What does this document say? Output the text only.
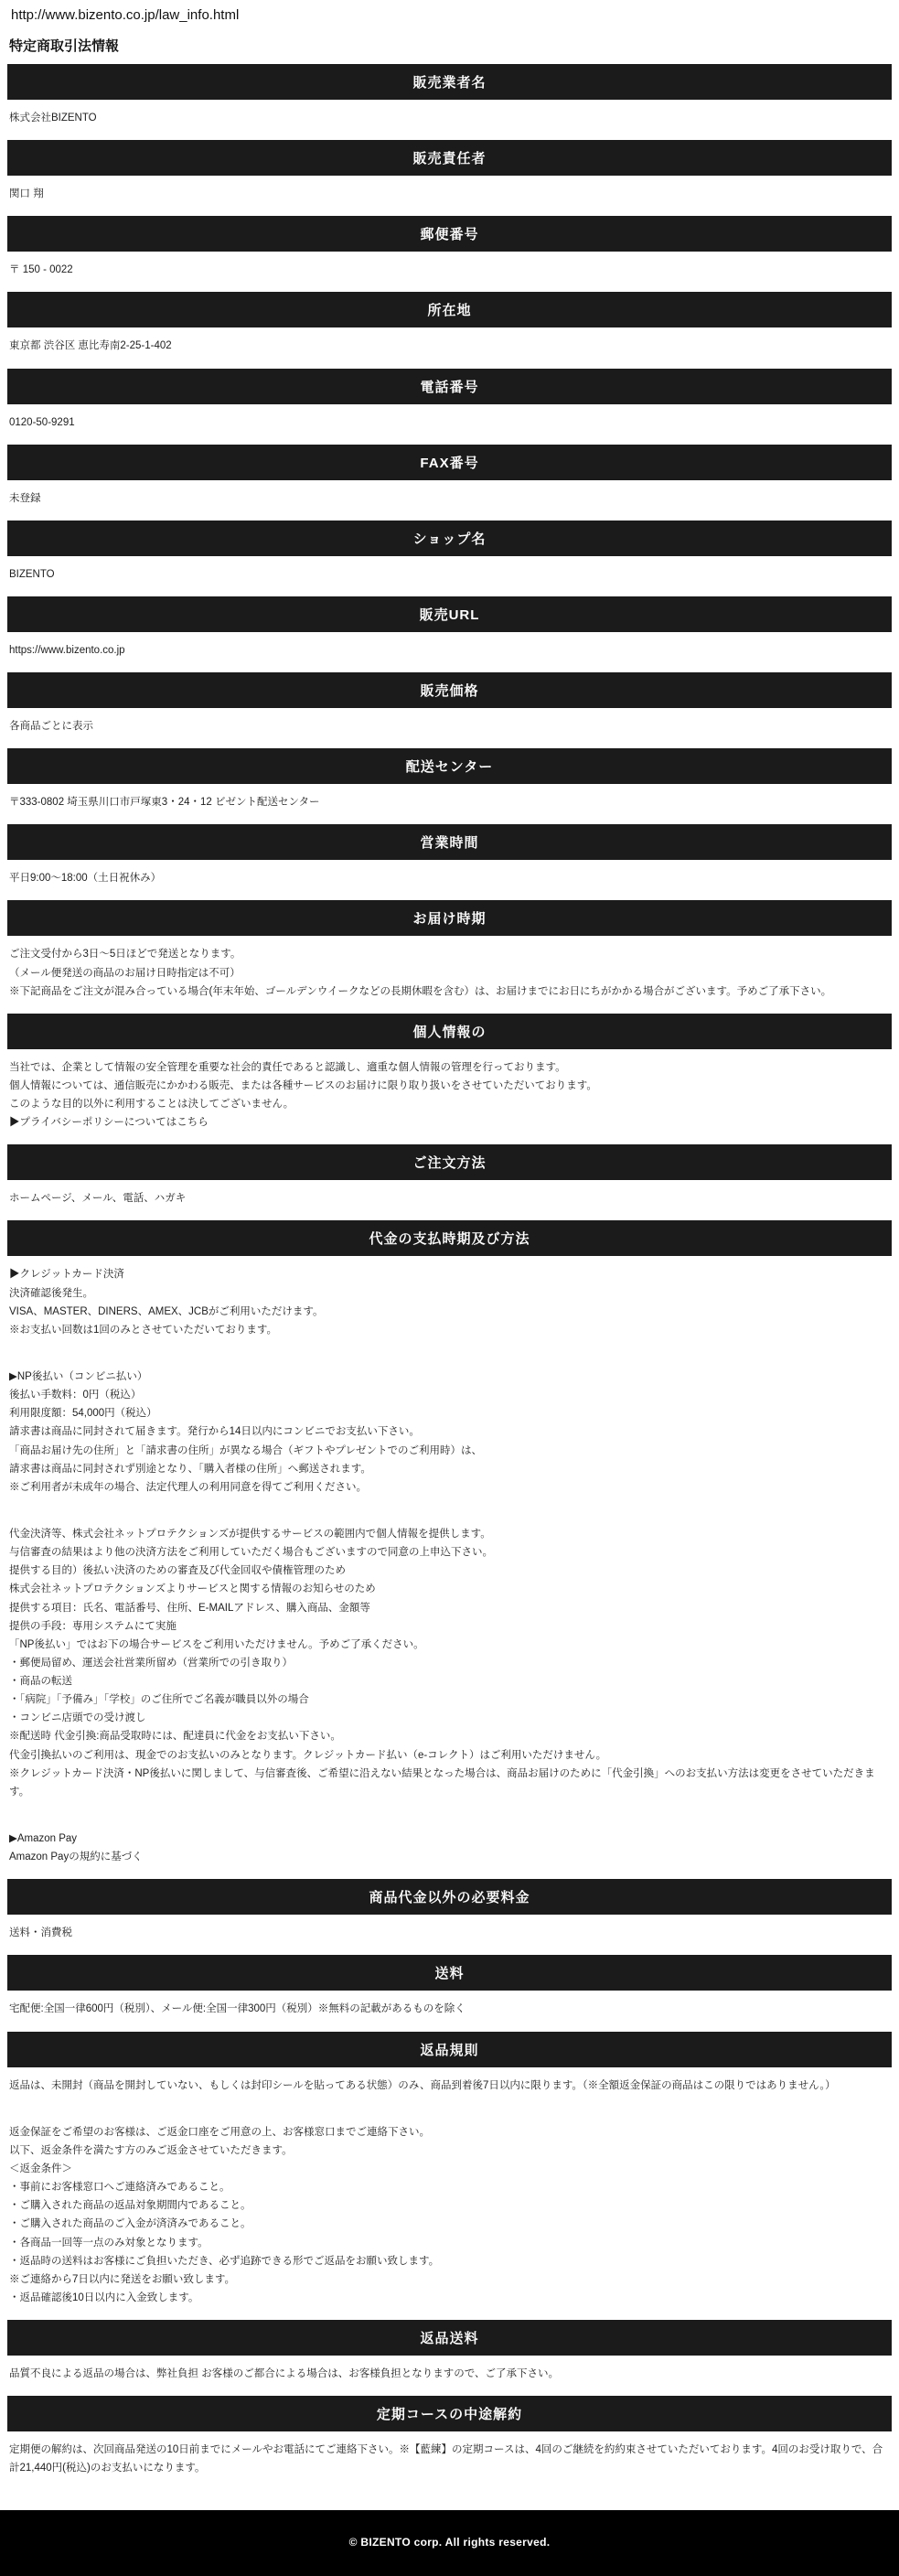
http://www.bizento.co.jp/law_info.html
特定商取引法情報
販売業者名

株式会社BIZENTO

販売責任者

関口 翔

郵便番号

〒 150 - 0022

所在地

東京都 渋谷区 恵比寿南2-25-1-402

電話番号

0120-50-9291

FAX番号

未登録

ショップ名

BIZENTO

販売URL

https://www.bizento.co.jp

販売価格

各商品ごとに表示

配送センター

〒333-0802 埼玉県川口市戸塚東3・24・12 ビゼント配送センター

営業時間

平日9:00〜18:00（土日祝休み）

お届け時期

ご注文受付から3日〜5日ほどで発送となります。

（メール便発送の商品のお届け日時指定は不可）

※下記商品をご注文が混み合っている場合(年末年始、ゴールデンウイークなどの長期休暇を含む）は、お届けまでにお日にちがかかる場合がございます。予めご了承下さい。

個人情報の

当社では、企業として情報の安全管理を重要な社会的責任であると認識し、適重な個人情報の管理を行っております。

個人情報については、通信販売にかかわる販売、または各種サービスのお届けに限り取り扱いをさせていただいております。

このような目的以外に利用することは決してございません。

▶プライバシーポリシーについてはこちら

ご注文方法

ホームページ、メール、電話、ハガキ

代金の支払時期及び方法

▶クレジットカード決済

決済確認後発生。

VISA、MASTER、DINERS、AMEX、JCBがご利用いただけます。

※お支払い回数は1回のみとさせていただいております。

▶NP後払い（コンビニ払い）

後払い手数料：0円（税込）

利用限度額：54,000円（税込）

請求書は商品に同封されて届きます。発行から14日以内にコンビニでお支払い下さい。

「商品お届け先の住所」と「請求書の住所」が異なる場合（ギフトやプレゼントでのご利用時）は、

請求書は商品に同封されず別途となり、「購入者様の住所」へ郵送されます。

※ご利用者が未成年の場合、法定代理人の利用同意を得てご利用ください。

代金決済等、株式会社ネットプロテクションズが提供するサービスの範囲内で個人情報を提供します。

与信審査の結果はより他の決済方法をご利用していただく場合もございますので同意の上申込下さい。

提供する目的）後払い決済のための審査及び代金回収や債権管理のため

株式会社ネットプロテクションズよりサービスと関する情報のお知らせのため

提供する項目：氏名、電話番号、住所、E-MAILアドレス、購入商品、金額等

提供の手段：専用システムにて実施

「NP後払い」ではお下の場合サービスをご利用いただけません。予めご了承ください。

・郵便局留め、運送会社営業所留め（営業所での引き取り）

・商品の転送

・「病院」「予備み」「学校」のご住所でご名義が職員以外の場合

・コンビニ店頭での受け渡し

※配送時 代金引換:商品受取時には、配達員に代金をお支払い下さい。

代金引換払いのご利用は、現金でのお支払いのみとなります。クレジットカード払い（e-コレクト）はご利用いただけません。

※クレジットカード決済・NP後払いに関しまして、与信審査後、ご希望に沿えない結果となった場合は、商品お届けのために「代金引換」へのお支払い方法は変更をさせていただきます。

▶Amazon Pay

Amazon Payの規約に基づく

商品代金以外の必要料金

送料・消費税

送料

宅配便:全国一律600円（税別）、メール便:全国一律300円（税別）※無料の記載があるものを除く

返品規則

返品は、未開封（商品を開封していない、もしくは封印シールを貼ってある状態）のみ、商品到着後7日以内に限ります。（※全額返金保証の商品はこの限りではありません。）

返金保証をご希望のお客様は、ご返金口座をご用意の上、お客様窓口までご連絡下さい。

以下、返金条件を満たす方のみご返金させていただきます。

＜返金条件＞

・事前にお客様窓口へご連絡済みであること。

・ご購入された商品の返品対象期間内であること。

・ご購入された商品のご入金が済済みであること。

・各商品一回等一点のみ対象となります。

・返品時の送料はお客様にご負担いただき、必ず追跡できる形でご返品をお願い致します。

※ご連絡から7日以内に発送をお願い致します。

・返品確認後10日以内に入金致します。

返品送料

品質不良による返品の場合は、弊社負担 お客様のご都合による場合は、お客様負担となりますので、ご了承下さい。

定期コースの中途解約

定期便の解約は、次回商品発送の10日前までにメールやお電話にてご連絡下さい。※【藍練】の定期コースは、4回のご継続を約約束させていただいております。4回のお受け取りで、合計21,440円(税込)のお支払いになります。

© BIZENTO corp. All rights reserved.
